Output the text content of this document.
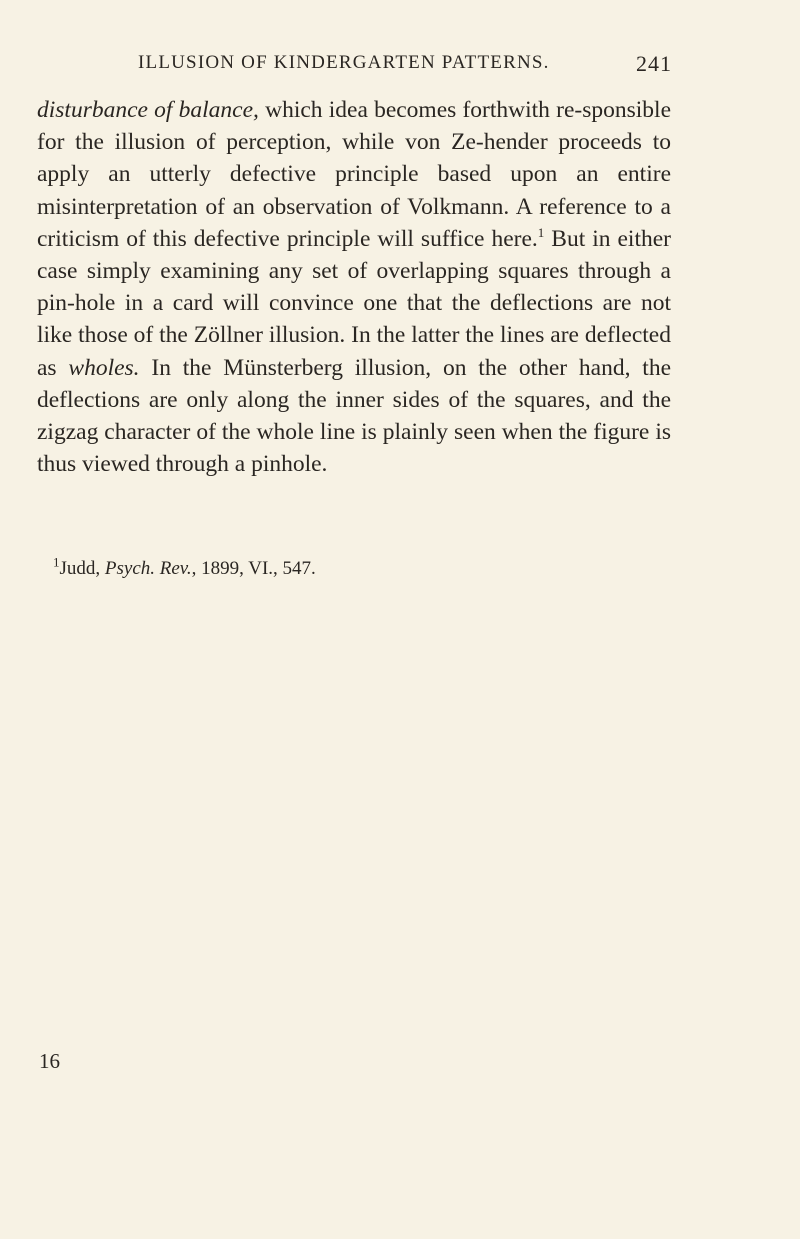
ILLUSION OF KINDERGARTEN PATTERNS.	241

disturbance of balance, which idea becomes forthwith re-sponsible for the illusion of perception, while von Ze-hender proceeds to apply an utterly defective principle based upon an entire misinterpretation of an observation of Volkmann. A reference to a criticism of this defective principle will suffice here.$^1$ But in either case simply examining any set of overlapping squares through a pin-hole in a card will convince one that the deflections are not like those of the Zöllner illusion. In the latter the lines are deflected as wholes. In the Münsterberg illusion, on the other hand, the deflections are only along the inner sides of the squares, and the zigzag character of the whole line is plainly seen when the figure is thus viewed through a pinhole.

$^1$Judd, Psych. Rev., 1899, VI., 547.

16
